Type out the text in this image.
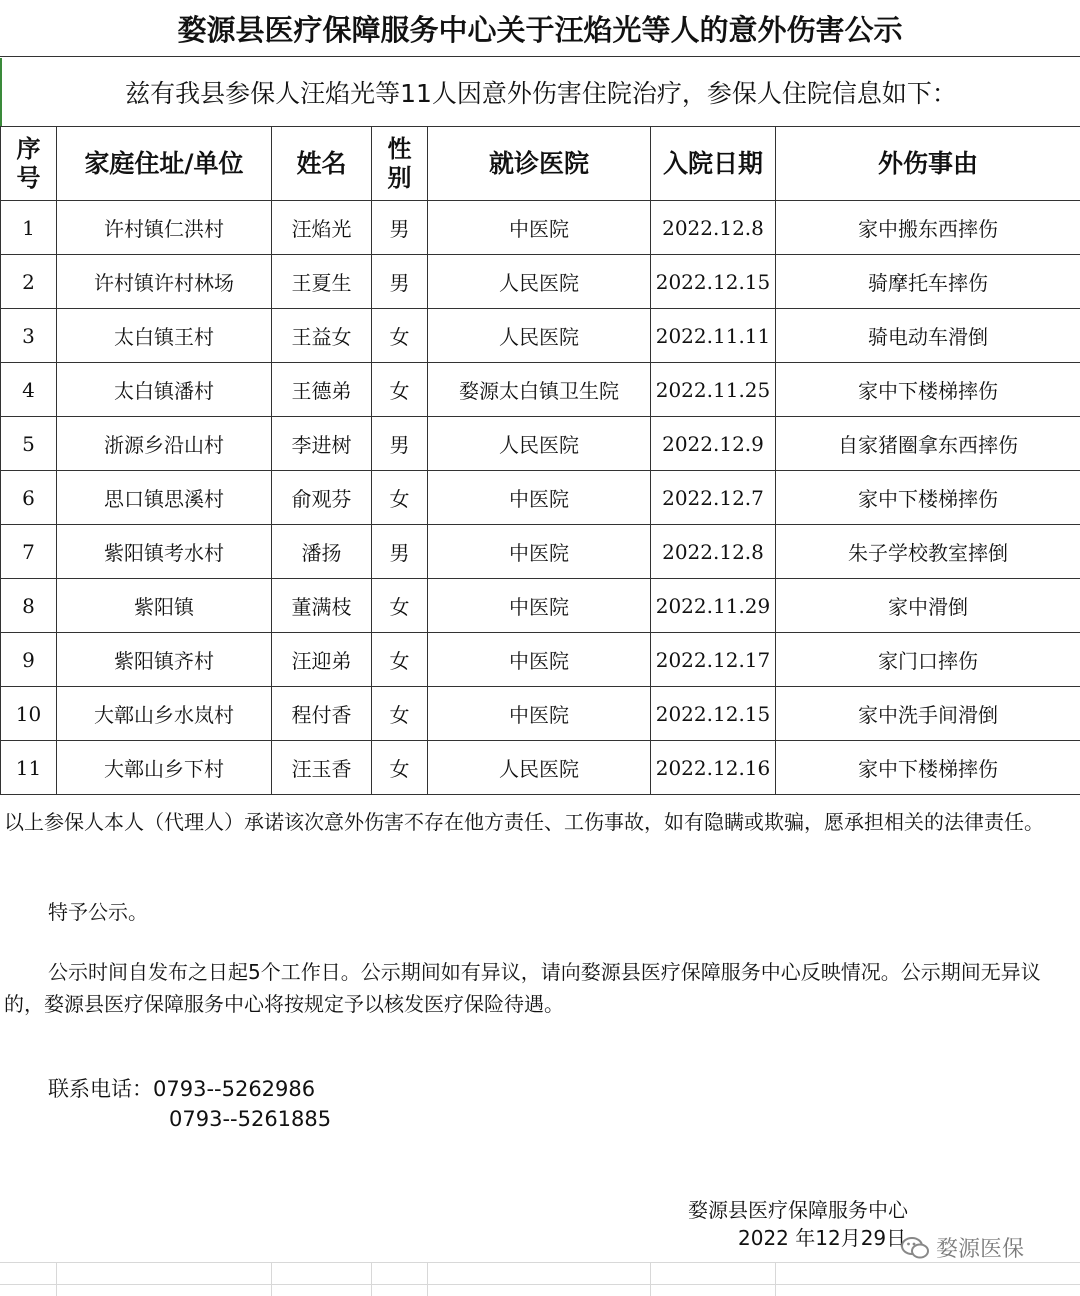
婺源县医疗保障服务中心关于汪焰光等人的意外伤害公示
兹有我县参保人汪焰光等11人因意外伤害住院治疗，参保人住院信息如下：
序号	家庭住址/单位	姓名	性别	就诊医院	入院日期	外伤事由
1	许村镇仁洪村	汪焰光	男	中医院	2022.12.8	家中搬东西摔伤
2	许村镇许村林场	王夏生	男	人民医院	2022.12.15	骑摩托车摔伤
3	太白镇王村	王益女	女	人民医院	2022.11.11	骑电动车滑倒
4	太白镇潘村	王德弟	女	婺源太白镇卫生院	2022.11.25	家中下楼梯摔伤
5	浙源乡沿山村	李进树	男	人民医院	2022.12.9	自家猪圈拿东西摔伤
6	思口镇思溪村	俞观芬	女	中医院	2022.12.7	家中下楼梯摔伤
7	紫阳镇考水村	潘扬	男	中医院	2022.12.8	朱子学校教室摔倒
8	紫阳镇	董满枝	女	中医院	2022.11.29	家中滑倒
9	紫阳镇齐村	汪迎弟	女	中医院	2022.12.17	家门口摔伤
10	大鄣山乡水岚村	程付香	女	中医院	2022.12.15	家中洗手间滑倒
11	大鄣山乡下村	汪玉香	女	人民医院	2022.12.16	家中下楼梯摔伤
以上参保人本人（代理人）承诺该次意外伤害不存在他方责任、工伤事故，如有隐瞒或欺骗，愿承担相关的法律责任。
特予公示。
公示时间自发布之日起5个工作日。公示期间如有异议，请向婺源县医疗保障服务中心反映情况。公示期间无异议的，婺源县医疗保障服务中心将按规定予以核发医疗保险待遇。
联系电话：0793--5262986
0793--5261885
婺源县医疗保障服务中心
2022 年12月29日 婺源医保
